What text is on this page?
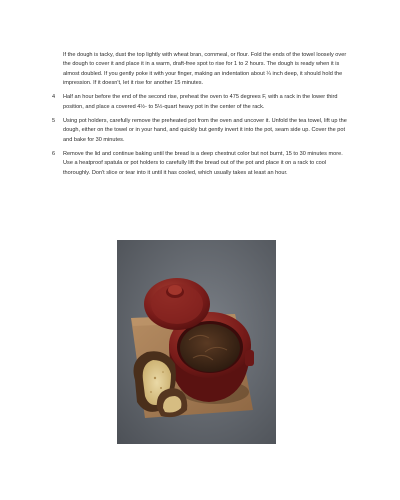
If the dough is tacky, dust the top lightly with wheat bran, cornmeal, or flour. Fold the ends of the towel loosely over the dough to cover it and place it in a warm, draft-free spot to rise for 1 to 2 hours. The dough is ready when it is almost doubled. If you gently poke it with your finger, making an indentation about ¼ inch deep, it should hold the impression. If it doesn't, let it rise for another 15 minutes.

4 Half an hour before the end of the second rise, preheat the oven to 475 degrees F, with a rack in the lower third position, and place a covered 4½- to 5½-quart heavy pot in the center of the rack.
5 Using pot holders, carefully remove the preheated pot from the oven and uncover it. Unfold the tea towel, lift up the dough, either on the towel or in your hand, and quickly but gently invert it into the pot, seam side up. Cover the pot and bake for 30 minutes.
6 Remove the lid and continue baking until the bread is a deep chestnut color but not burnt, 15 to 30 minutes more. Use a heatproof spatula or pot holders to carefully lift the bread out of the pot and place it on a rack to cool thoroughly. Don't slice or tear into it until it has cooled, which usually takes at least an hour.
